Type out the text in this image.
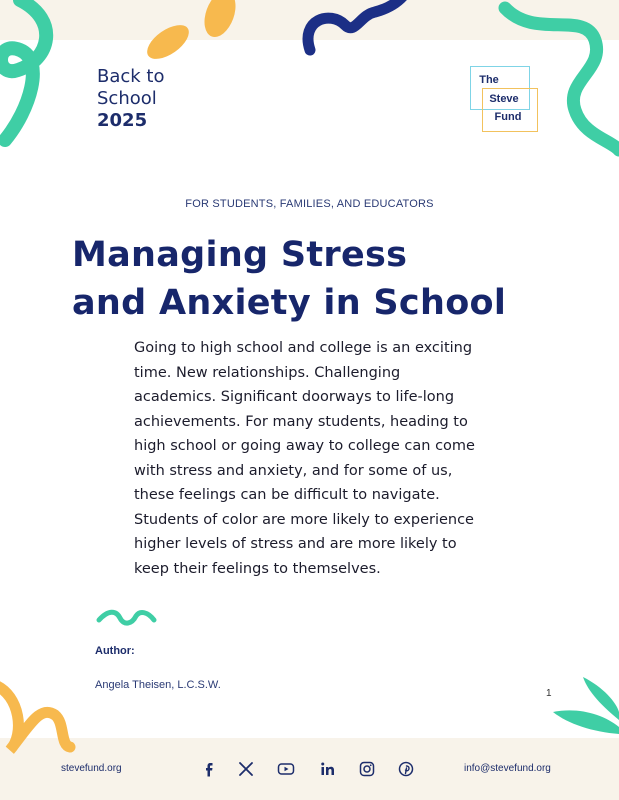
Back to
School
2025
The
Steve
Fund
FOR STUDENTS, FAMILIES, AND EDUCATORS
Managing Stress
and Anxiety in School

Going to high school and college is an exciting time. New relationships. Challenging academics. Significant doorways to life-long achievements. For many students, heading to high school or going away to college can come with stress and anxiety, and for some of us, these feelings can be difficult to navigate. Students of color are more likely to experience higher levels of stress and are more likely to keep their feelings to themselves.

Author:
Angela Theisen, L.C.S.W.
1
stevefund.org	info@stevefund.org
